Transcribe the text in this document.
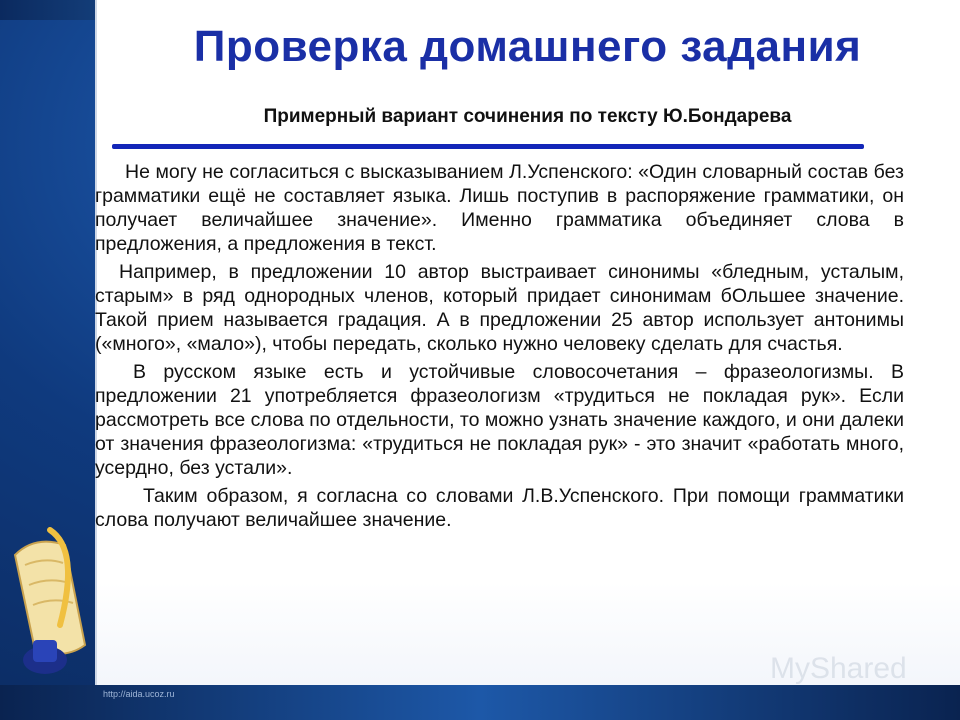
Проверка домашнего задания
Примерный вариант сочинения по тексту Ю.Бондарева

Не могу не согласиться с высказыванием Л.Успенского: «Один словарный состав без грамматики ещё не составляет языка. Лишь поступив в распоряжение грамматики, он получает величайшее значение». Именно грамматика объединяет слова в предложения, а предложения в текст.

Например, в предложении 10 автор выстраивает синонимы «бледным, усталым, старым» в ряд однородных членов, который придает синонимам бОльшее значение. Такой прием называется градация. А в предложении 25 автор использует антонимы («много», «мало»), чтобы передать, сколько нужно человеку сделать для счастья.

В русском языке есть и устойчивые словосочетания – фразеологизмы. В предложении 21 употребляется фразеологизм «трудиться не покладая рук». Если рассмотреть все слова по отдельности, то можно узнать значение каждого, и они далеки от значения фразеологизма: «трудиться не покладая рук» - это значит «работать много, усердно, без устали».

Таким образом, я согласна со словами Л.В.Успенского. При помощи грамматики слова получают величайшее значение.

http://aida.ucoz.ru
MyShared
